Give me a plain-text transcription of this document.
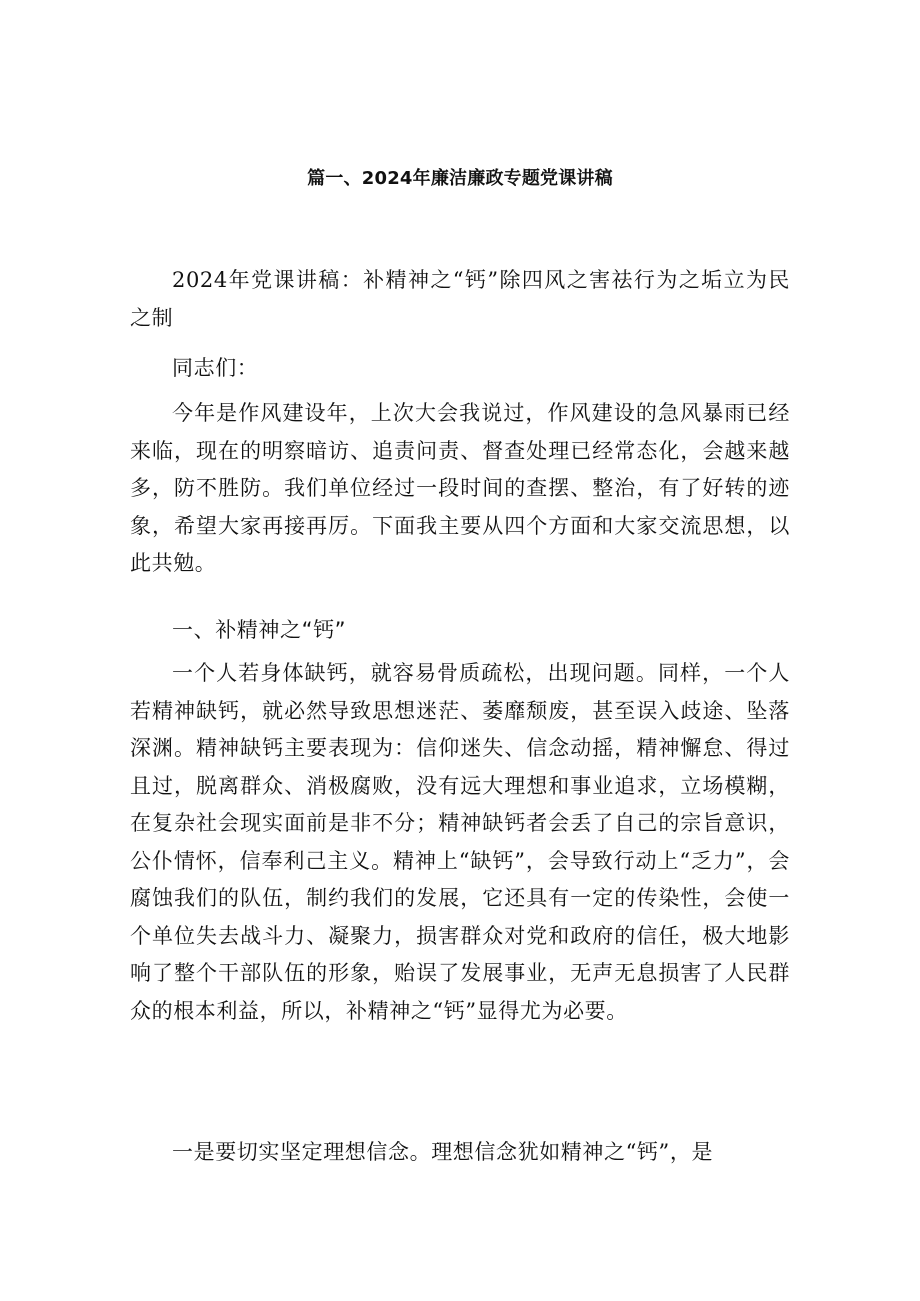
篇一、2024年廉洁廉政专题党课讲稿

2024年党课讲稿：补精神之“钙”除四风之害祛行为之垢立为民之制

同志们：

今年是作风建设年，上次大会我说过，作风建设的急风暴雨已经来临，现在的明察暗访、追责问责、督查处理已经常态化，会越来越多，防不胜防。我们单位经过一段时间的查摆、整治，有了好转的迹象，希望大家再接再厉。下面我主要从四个方面和大家交流思想，以此共勉。

一、补精神之“钙”

一个人若身体缺钙，就容易骨质疏松，出现问题。同样，一个人若精神缺钙，就必然导致思想迷茫、萎靡颓废，甚至误入歧途、坠落深渊。精神缺钙主要表现为：信仰迷失、信念动摇，精神懈怠、得过且过，脱离群众、消极腐败，没有远大理想和事业追求，立场模糊，在复杂社会现实面前是非不分；精神缺钙者会丢了自己的宗旨意识，公仆情怀，信奉利己主义。精神上“缺钙”，会导致行动上“乏力”，会腐蚀我们的队伍，制约我们的发展，它还具有一定的传染性，会使一个单位失去战斗力、凝聚力，损害群众对党和政府的信任，极大地影响了整个干部队伍的形象，贻误了发展事业，无声无息损害了人民群众的根本利益，所以，补精神之“钙”显得尤为必要。

一是要切实坚定理想信念。理想信念犹如精神之“钙”，是
